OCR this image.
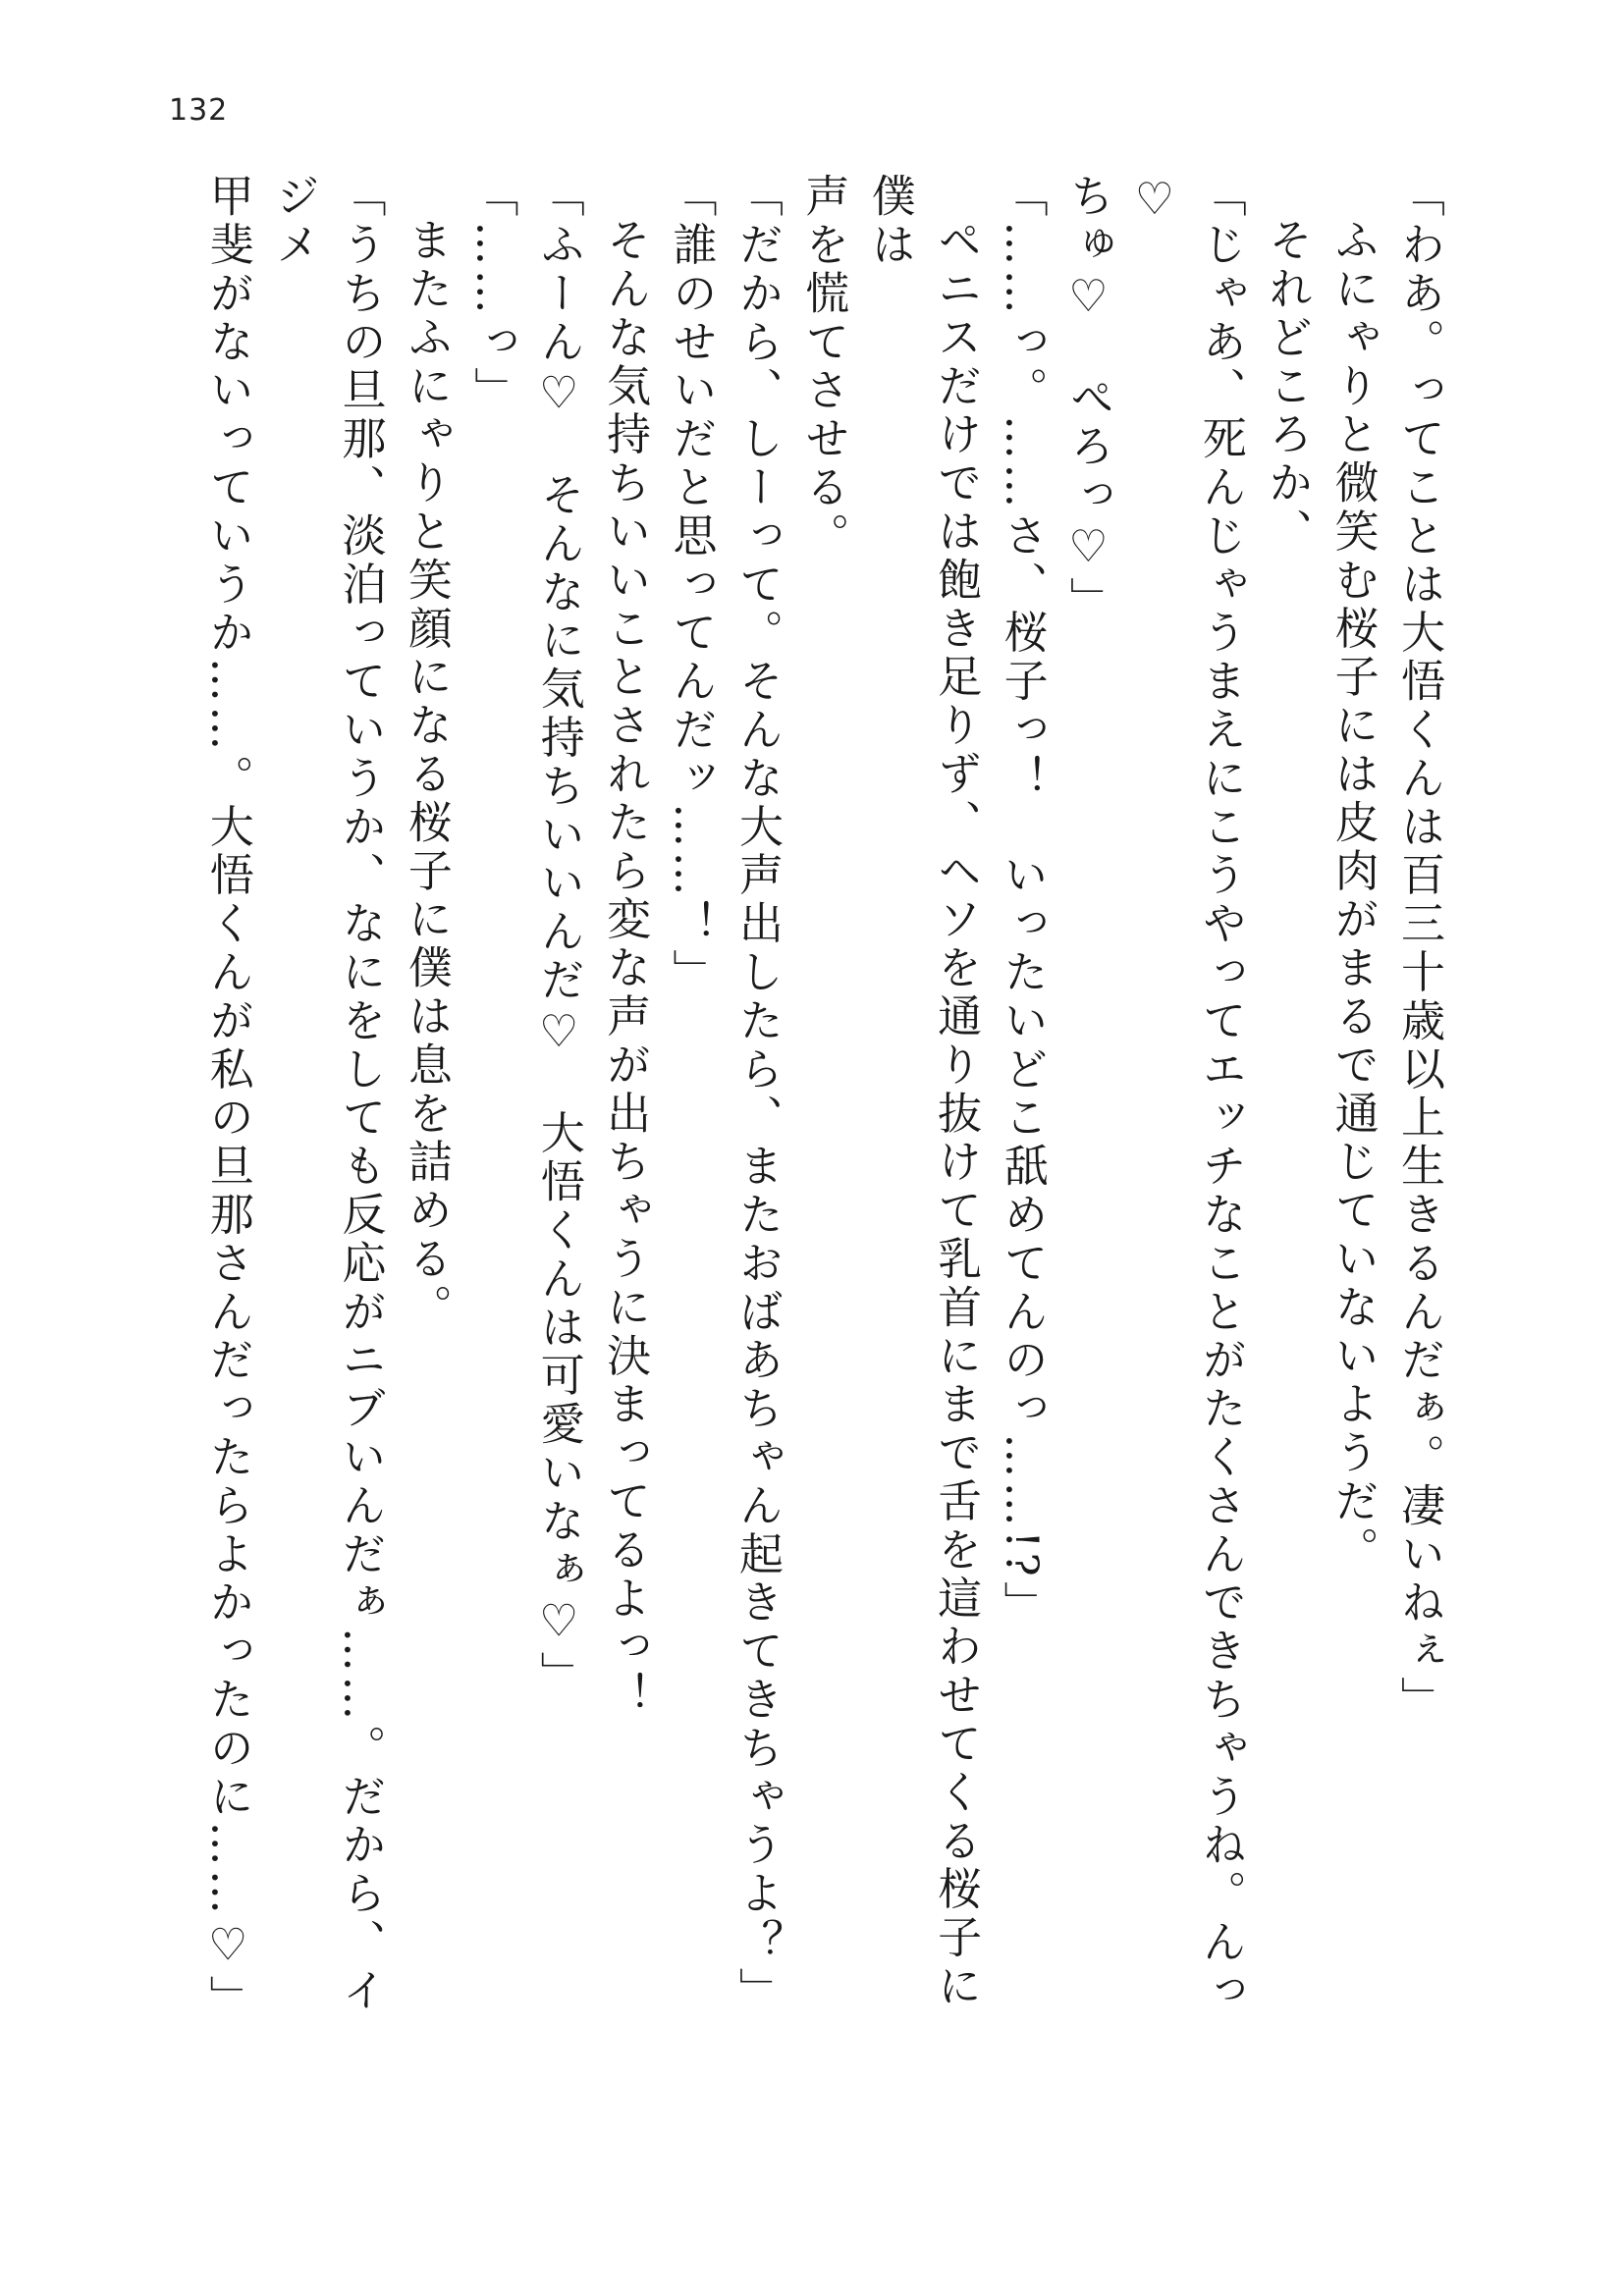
132

「わあ。ってことは大悟くんは百三十歳以上生きるんだぁ。凄いねぇ」

ふにゃりと微笑む桜子には皮肉がまるで通じていないようだ。

それどころか、

「じゃあ、死んじゃうまえにこうやってエッチなことがたくさんできちゃうね。んっ♡

ちゅ♡　ぺろっ♡」

「……っ。……さ、桜子っ！　いったいどこ舐めてんのっ……!?」

ペニスだけでは飽き足りず、ヘソを通り抜けて乳首にまで舌を這わせてくる桜子に僕は

声を慌てさせる。

「だから、しーって。そんな大声出したら、またおばあちゃん起きてきちゃうよ？」

「誰のせいだと思ってんだッ……！」

そんな気持ちいいことされたら変な声が出ちゃうに決まってるよっ！

「ふーん♡　そんなに気持ちいいんだ♡　大悟くんは可愛いなぁ♡」

「……っ」

またふにゃりと笑顔になる桜子に僕は息を詰める。

「うちの旦那、淡泊っていうか、なにをしても反応がニブいんだぁ……。だから、イジメ

甲斐がないっていうか……。大悟くんが私の旦那さんだったらよかったのに……♡」
